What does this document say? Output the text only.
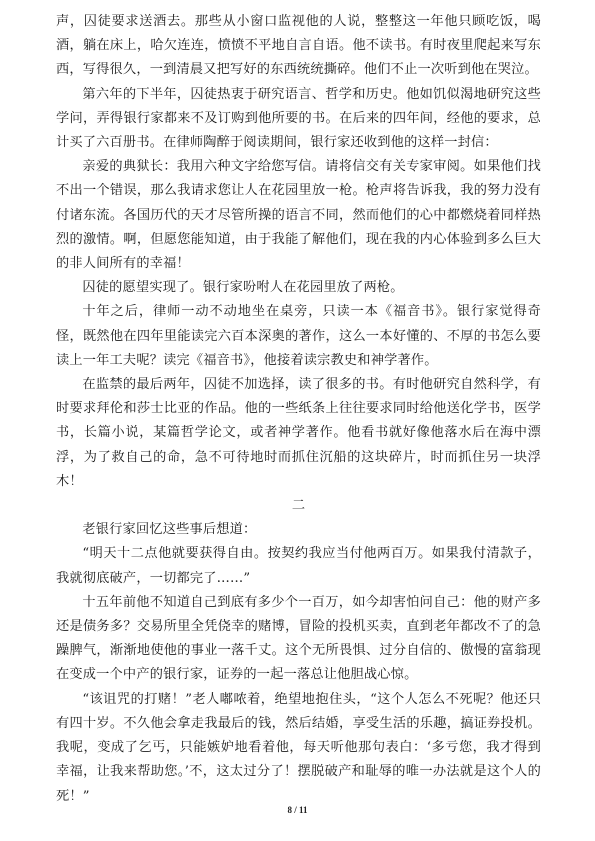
声，囚徒要求送酒去。那些从小窗口监视他的人说，整整这一年他只顾吃饭，喝酒，躺在床上，哈欠连连，愤愤不平地自言自语。他不读书。有时夜里爬起来写东西，写得很久，一到清晨又把写好的东西统统撕碎。他们不止一次听到他在哭泣。

第六年的下半年，囚徒热衷于研究语言、哲学和历史。他如饥似渴地研究这些学问，弄得银行家都来不及订购到他所要的书。在后来的四年间，经他的要求，总计买了六百册书。在律师陶醉于阅读期间，银行家还收到他的这样一封信：

亲爱的典狱长：我用六种文字给您写信。请将信交有关专家审阅。如果他们找不出一个错误，那么我请求您让人在花园里放一枪。枪声将告诉我，我的努力没有付诸东流。各国历代的天才尽管所操的语言不同，然而他们的心中都燃烧着同样热烈的激情。啊，但愿您能知道，由于我能了解他们，现在我的内心体验到多么巨大的非人间所有的幸福！

囚徒的愿望实现了。银行家吩咐人在花园里放了两枪。

十年之后，律师一动不动地坐在桌旁，只读一本《福音书》。银行家觉得奇怪，既然他在四年里能读完六百本深奥的著作，这么一本好懂的、不厚的书怎么要读上一年工夫呢？读完《福音书》，他接着读宗教史和神学著作。

在监禁的最后两年，囚徒不加选择，读了很多的书。有时他研究自然科学，有时要求拜伦和莎士比亚的作品。他的一些纸条上往往要求同时给他送化学书，医学书，长篇小说，某篇哲学论文，或者神学著作。他看书就好像他落水后在海中漂浮，为了救自己的命，急不可待地时而抓住沉船的这块碎片，时而抓住另一块浮木！

二

老银行家回忆这些事后想道：

“明天十二点他就要获得自由。按契约我应当付他两百万。如果我付清款子，我就彻底破产，一切都完了……”

十五年前他不知道自己到底有多少个一百万，如今却害怕问自己：他的财产多还是债务多？交易所里全凭侥幸的赌博，冒险的投机买卖，直到老年都改不了的急躁脾气，渐渐地使他的事业一落千丈。这个无所畏惧、过分自信的、傲慢的富翁现在变成一个中产的银行家，证券的一起一落总让他胆战心惊。

“该诅咒的打赌！”老人嘟哝着，绝望地抱住头，“这个人怎么不死呢？他还只有四十岁。不久他会拿走我最后的钱，然后结婚，享受生活的乐趣，搞证券投机。我呢，变成了乞丐，只能嫉妒地看着他，每天听他那句表白：‘多亏您，我才得到幸福，让我来帮助您。’不，这太过分了！摆脱破产和耻辱的唯一办法就是这个人的死！”

8 / 11
